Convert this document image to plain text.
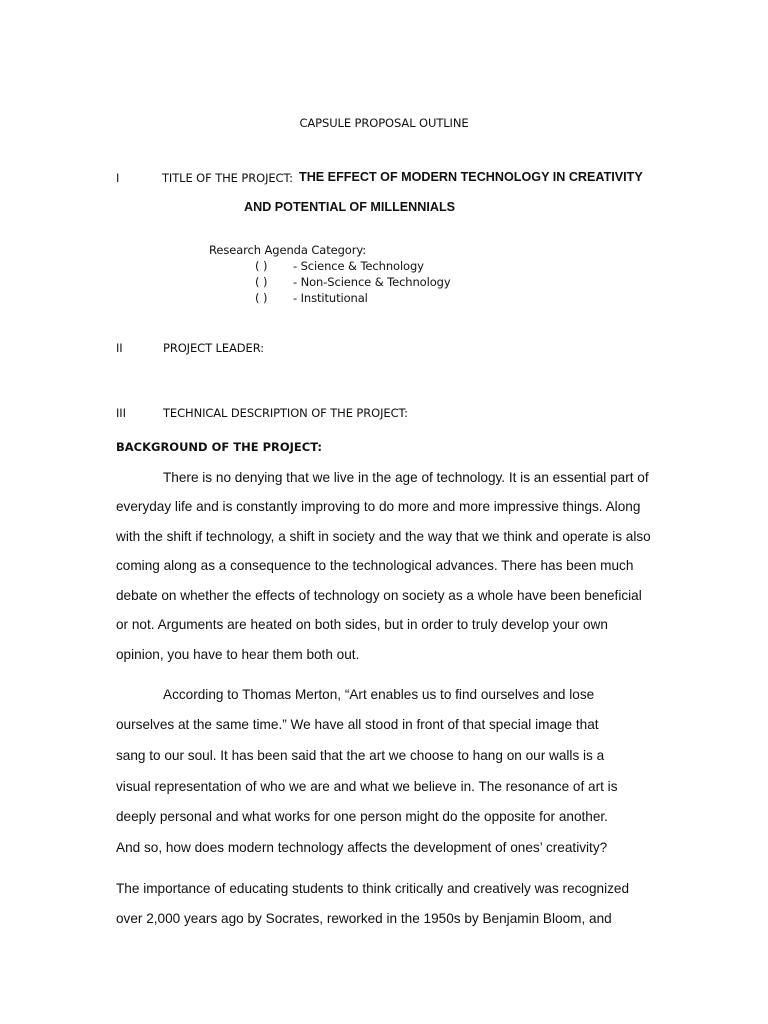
CAPSULE PROPOSAL OUTLINE
I	TITLE OF THE PROJECT: THE EFFECT OF MODERN TECHNOLOGY IN CREATIVITY
AND POTENTIAL OF MILLENNIALS
Research Agenda Category:
( ) - Science & Technology
( ) - Non-Science & Technology
( ) - Institutional
II	PROJECT LEADER:
III	TECHNICAL DESCRIPTION OF THE PROJECT:
BACKGROUND OF THE PROJECT:
There is no denying that we live in the age of technology. It is an essential part of
everyday life and is constantly improving to do more and more impressive things. Along
with the shift if technology, a shift in society and the way that we think and operate is also
coming along as a consequence to the technological advances. There has been much
debate on whether the effects of technology on society as a whole have been beneficial
or not. Arguments are heated on both sides, but in order to truly develop your own
opinion, you have to hear them both out.
According to Thomas Merton, “Art enables us to find ourselves and lose
ourselves at the same time.” We have all stood in front of that special image that
sang to our soul. It has been said that the art we choose to hang on our walls is a
visual representation of who we are and what we believe in. The resonance of art is
deeply personal and what works for one person might do the opposite for another.
And so, how does modern technology affects the development of ones’ creativity?
The importance of educating students to think critically and creatively was recognized
over 2,000 years ago by Socrates, reworked in the 1950s by Benjamin Bloom, and
